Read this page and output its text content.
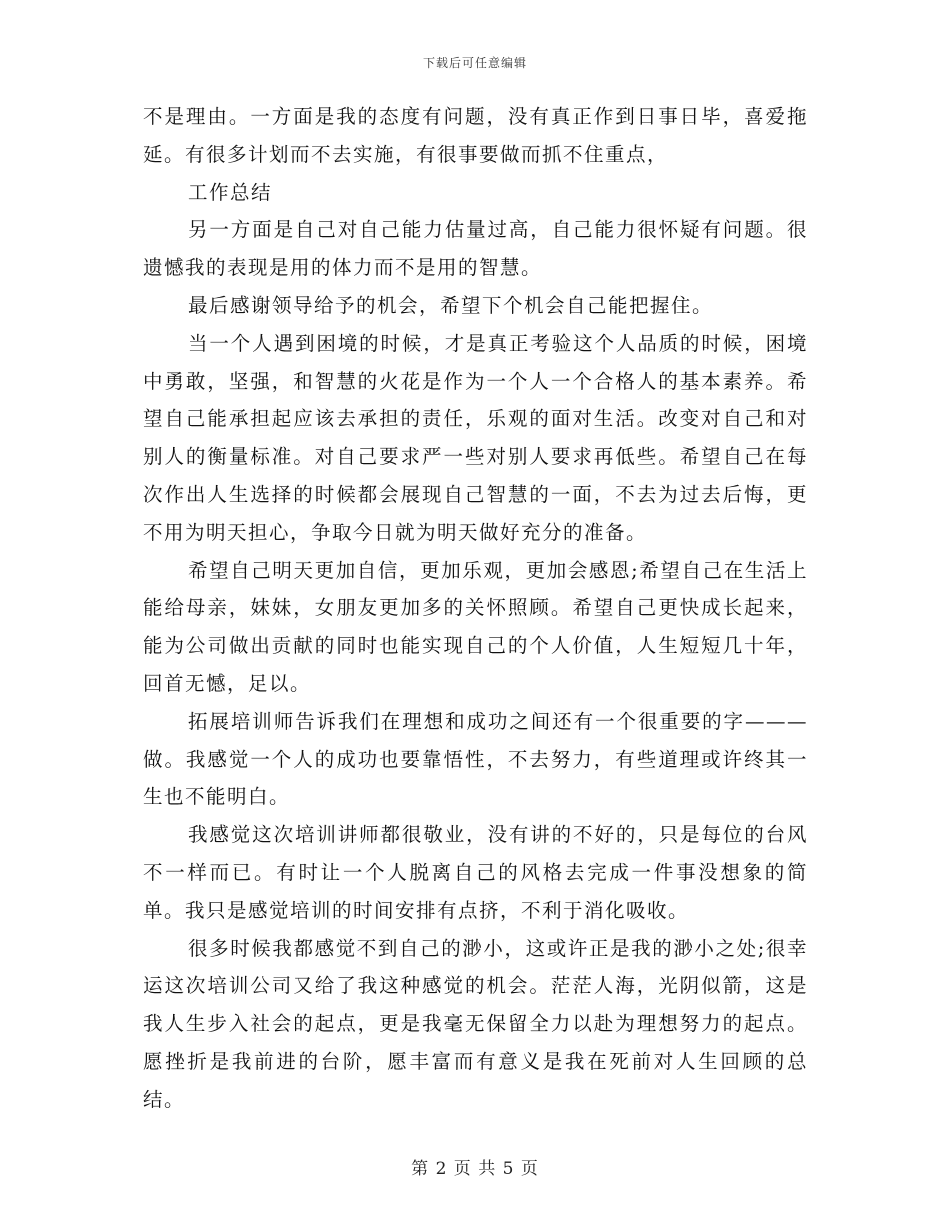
下载后可任意编辑

不是理由。一方面是我的态度有问题，没有真正作到日事日毕，喜爱拖延。有很多计划而不去实施，有很事要做而抓不住重点，

工作总结

另一方面是自己对自己能力估量过高，自己能力很怀疑有问题。很遗憾我的表现是用的体力而不是用的智慧。

最后感谢领导给予的机会，希望下个机会自己能把握住。

当一个人遇到困境的时候，才是真正考验这个人品质的时候，困境中勇敢，坚强，和智慧的火花是作为一个人一个合格人的基本素养。希望自己能承担起应该去承担的责任，乐观的面对生活。改变对自己和对别人的衡量标准。对自己要求严一些对别人要求再低些。希望自己在每次作出人生选择的时候都会展现自己智慧的一面，不去为过去后悔，更不用为明天担心，争取今日就为明天做好充分的准备。

希望自己明天更加自信，更加乐观，更加会感恩;希望自己在生活上能给母亲，妹妹，女朋友更加多的关怀照顾。希望自己更快成长起来，能为公司做出贡献的同时也能实现自己的个人价值，人生短短几十年，回首无憾，足以。

拓展培训师告诉我们在理想和成功之间还有一个很重要的字———做。我感觉一个人的成功也要靠悟性，不去努力，有些道理或许终其一生也不能明白。

我感觉这次培训讲师都很敬业，没有讲的不好的，只是每位的台风不一样而已。有时让一个人脱离自己的风格去完成一件事没想象的简单。我只是感觉培训的时间安排有点挤，不利于消化吸收。

很多时候我都感觉不到自己的渺小，这或许正是我的渺小之处;很幸运这次培训公司又给了我这种感觉的机会。茫茫人海，光阴似箭，这是我人生步入社会的起点，更是我毫无保留全力以赴为理想努力的起点。愿挫折是我前进的台阶，愿丰富而有意义是我在死前对人生回顾的总结。

第 2 页 共 5 页
